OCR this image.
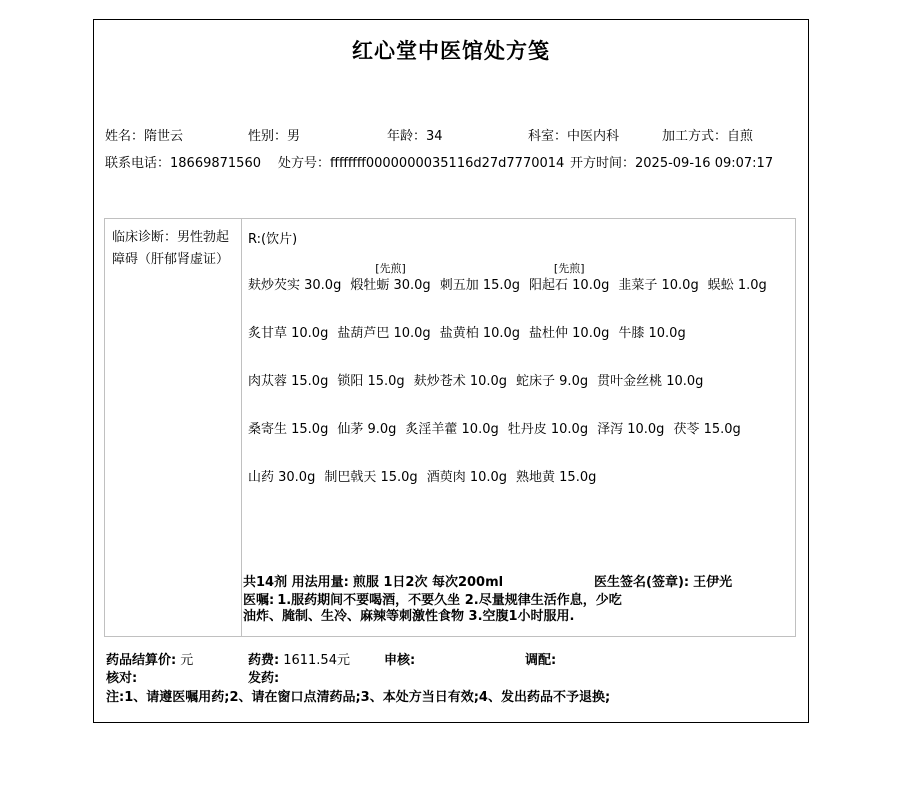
红心堂中医馆处方笺
姓名：隋世云	性别：男	年龄：34	科室：中医内科	加工方式：自煎
联系电话：18669871560 处方号：ffffffff0000000035116d27d7770014 开方时间：2025-09-16 09:07:17
临床诊断：男性勃起障碍（肝郁肾虚证）
R:(饮片)
麸炒芡实 30.0g
[先煎]
煅牡蛎 30.0g 刺五加 15.0g
[先煎]
阳起石 10.0g 韭菜子 10.0g 蜈蚣 1.0g
炙甘草 10.0g 盐葫芦巴 10.0g 盐黄柏 10.0g 盐杜仲 10.0g 牛膝 10.0g
肉苁蓉 15.0g 锁阳 15.0g 麸炒苍术 10.0g 蛇床子 9.0g 贯叶金丝桃 10.0g
桑寄生 15.0g 仙茅 9.0g 炙淫羊藿 10.0g 牡丹皮 10.0g 泽泻 10.0g 茯苓 15.0g
山药 30.0g 制巴戟天 15.0g 酒萸肉 10.0g 熟地黄 15.0g
共14剂 用法用量: 煎服 1日2次 每次200ml	医生签名(签章): 王伊光
医嘱: 1.服药期间不要喝酒，不要久坐 2.尽量规律生活作息，少吃
油炸、腌制、生冷、麻辣等刺激性食物 3.空腹1小时服用.
药品结算价: 元	药费: 1611.54元	申核:	调配:
核对:	发药:
注:1、请遵医嘱用药;2、请在窗口点清药品;3、本处方当日有效;4、发出药品不予退换;
